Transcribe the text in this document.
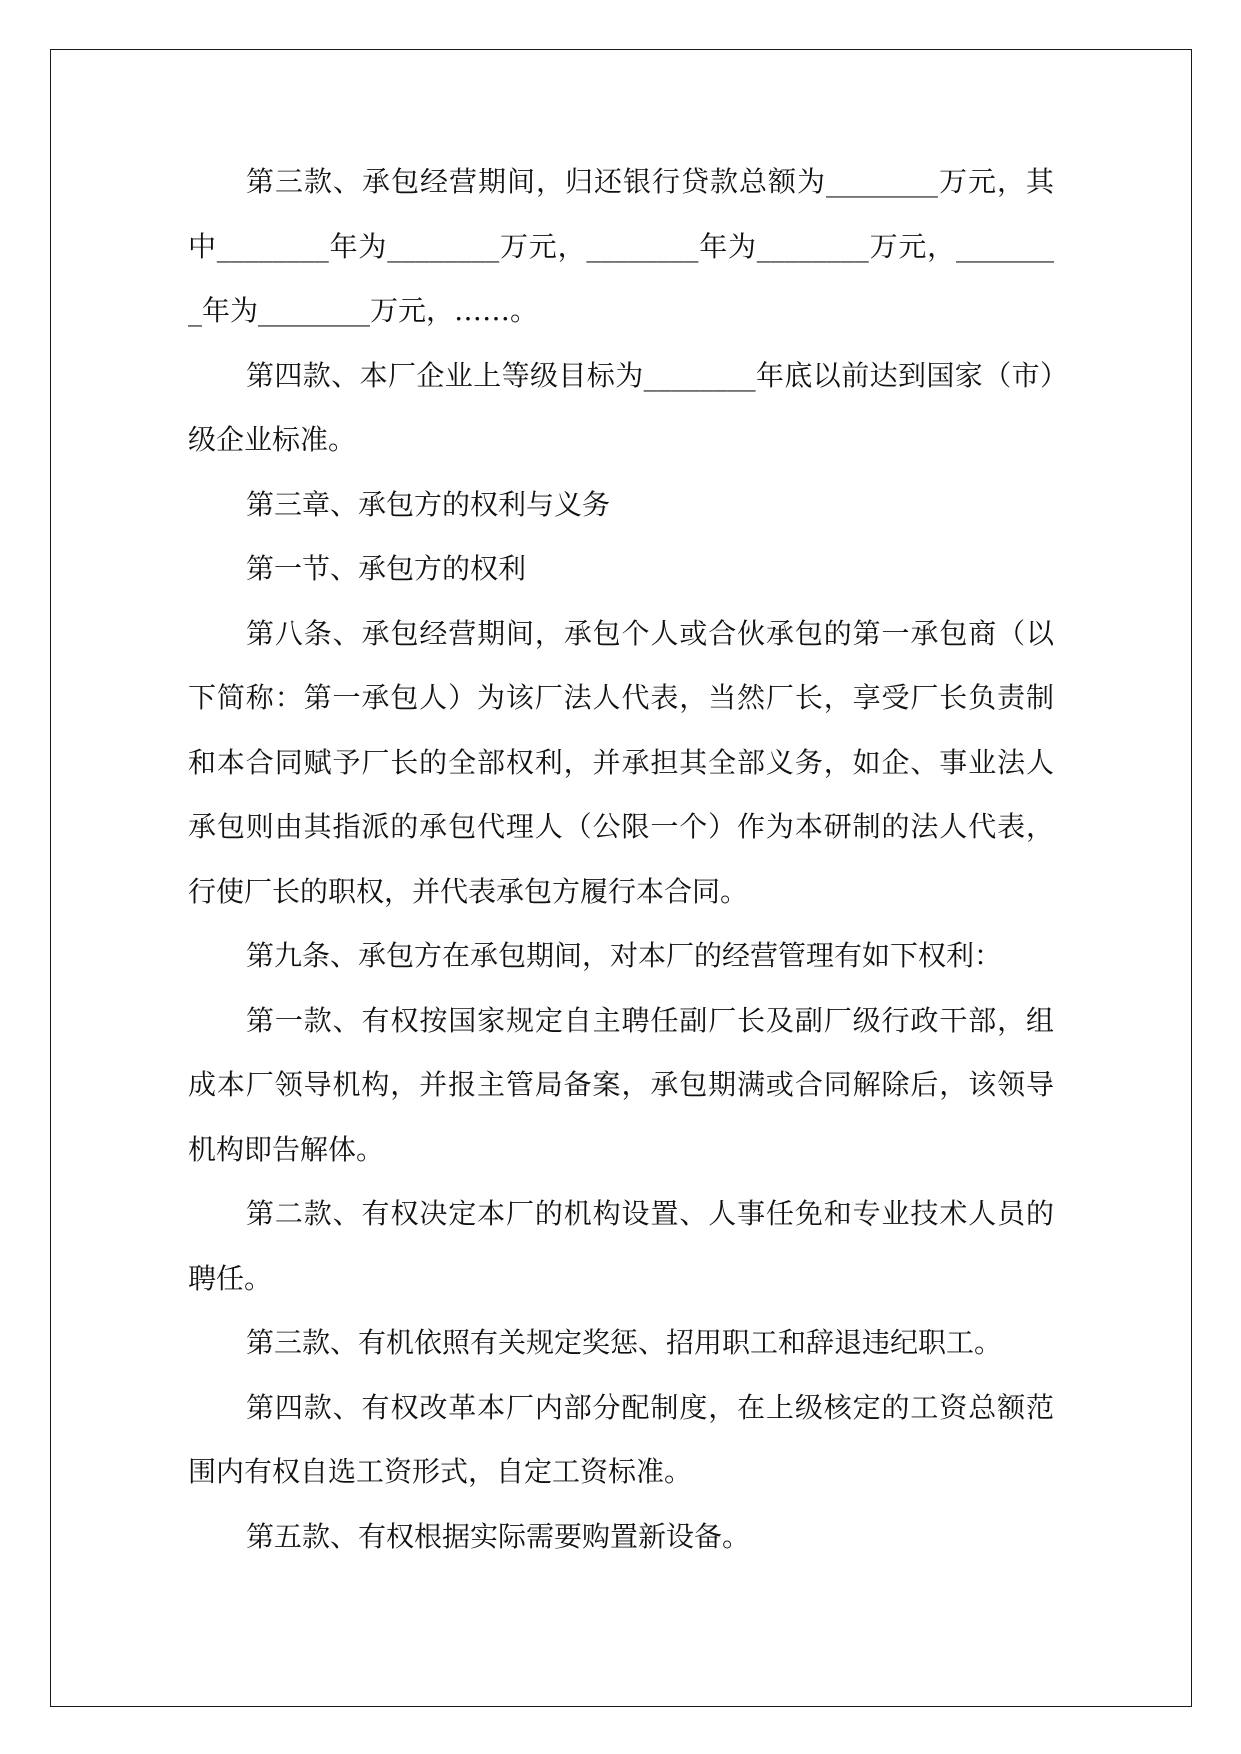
第三款、承包经营期间，归还银行贷款总额为________万元，其中________年为________万元，________年为________万元，________年为________万元，……。

第四款、本厂企业上等级目标为________年底以前达到国家（市）级企业标准。

第三章、承包方的权利与义务

第一节、承包方的权利

第八条、承包经营期间，承包个人或合伙承包的第一承包商（以下简称：第一承包人）为该厂法人代表，当然厂长，享受厂长负责制和本合同赋予厂长的全部权利，并承担其全部义务，如企、事业法人承包则由其指派的承包代理人（公限一个）作为本研制的法人代表，行使厂长的职权，并代表承包方履行本合同。

第九条、承包方在承包期间，对本厂的经营管理有如下权利：

第一款、有权按国家规定自主聘任副厂长及副厂级行政干部，组成本厂领导机构，并报主管局备案，承包期满或合同解除后，该领导机构即告解体。

第二款、有权决定本厂的机构设置、人事任免和专业技术人员的聘任。

第三款、有机依照有关规定奖惩、招用职工和辞退违纪职工。

第四款、有权改革本厂内部分配制度，在上级核定的工资总额范围内有权自选工资形式，自定工资标准。

第五款、有权根据实际需要购置新设备。
